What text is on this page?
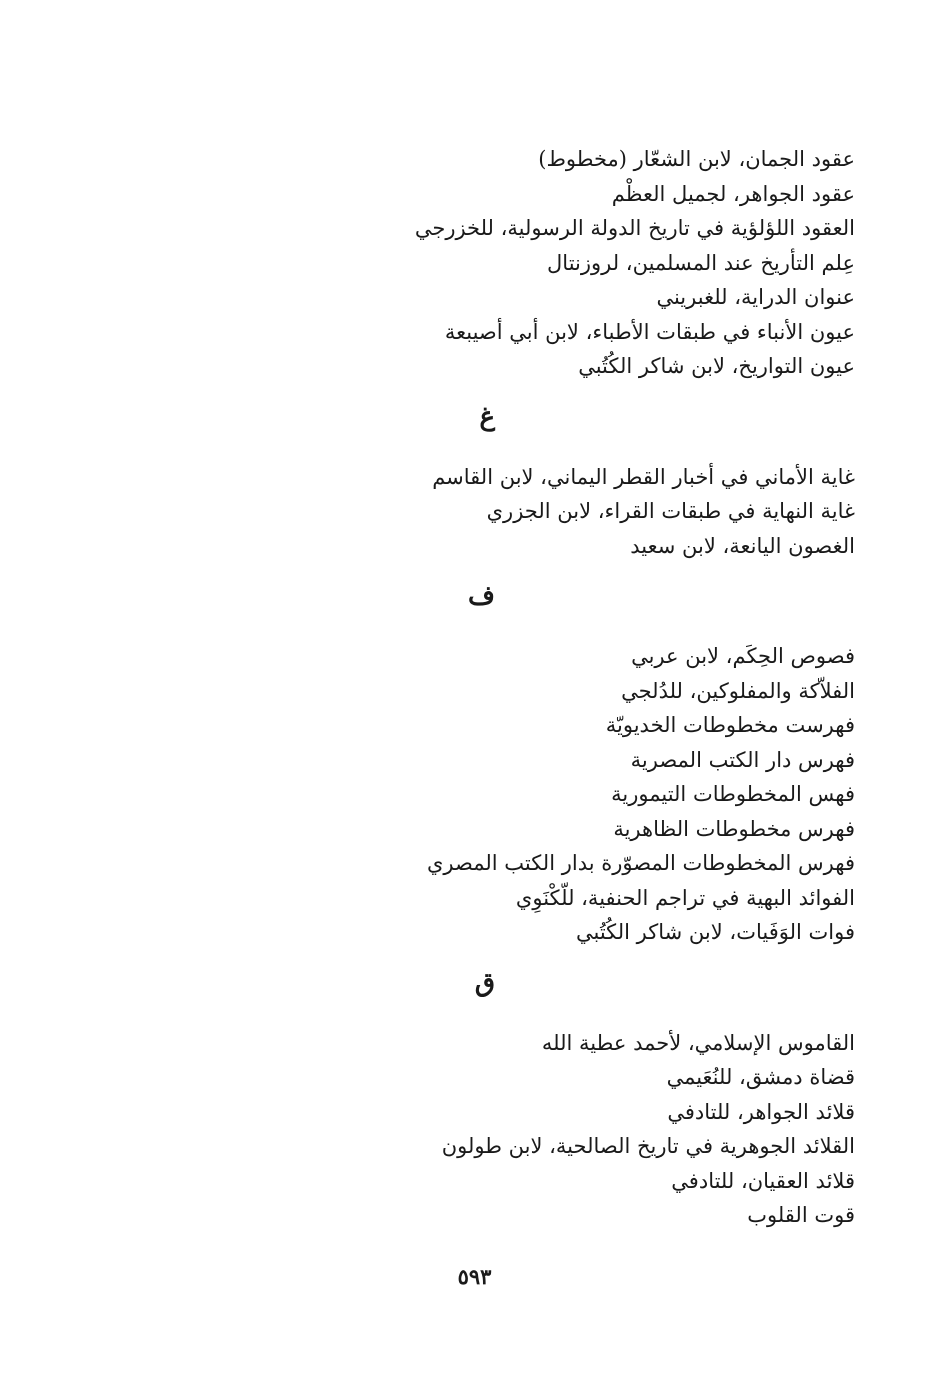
عقود الجمان، لابن الشعّار (مخطوط)
عقود الجواهر، لجميل العظْم
العقود اللؤلؤية في تاريخ الدولة الرسولية، للخزرجي
عِلم التأريخ عند المسلمين، لروزنتال
عنوان الدراية، للغبريني
عيون الأنباء في طبقات الأطباء، لابن أبي أصيبعة
عيون التواريخ، لابن شاكر الكُتُبي
غ
غاية الأماني في أخبار القطر اليماني، لابن القاسم
غاية النهاية في طبقات القراء، لابن الجزري
الغصون اليانعة، لابن سعيد
ف
فصوص الحِكَم، لابن عربي
الفلاّكة والمفلوكين، للدُلجي
فهرست مخطوطات الخديويّة
فهرس دار الكتب المصرية
فهس المخطوطات التيمورية
فهرس مخطوطات الظاهرية
فهرس المخطوطات المصوّرة بدار الكتب المصري
الفوائد البهية في تراجم الحنفية، للّكْنَوِي
فوات الوَفَيات، لابن شاكر الكُتُبي
ق
القاموس الإسلامي، لأحمد عطية الله
قضاة دمشق، للنُعَيمي
قلائد الجواهر، للتادفي
القلائد الجوهرية في تاريخ الصالحية، لابن طولون
قلائد العقيان، للتادفي
قوت القلوب
٥٩٣
